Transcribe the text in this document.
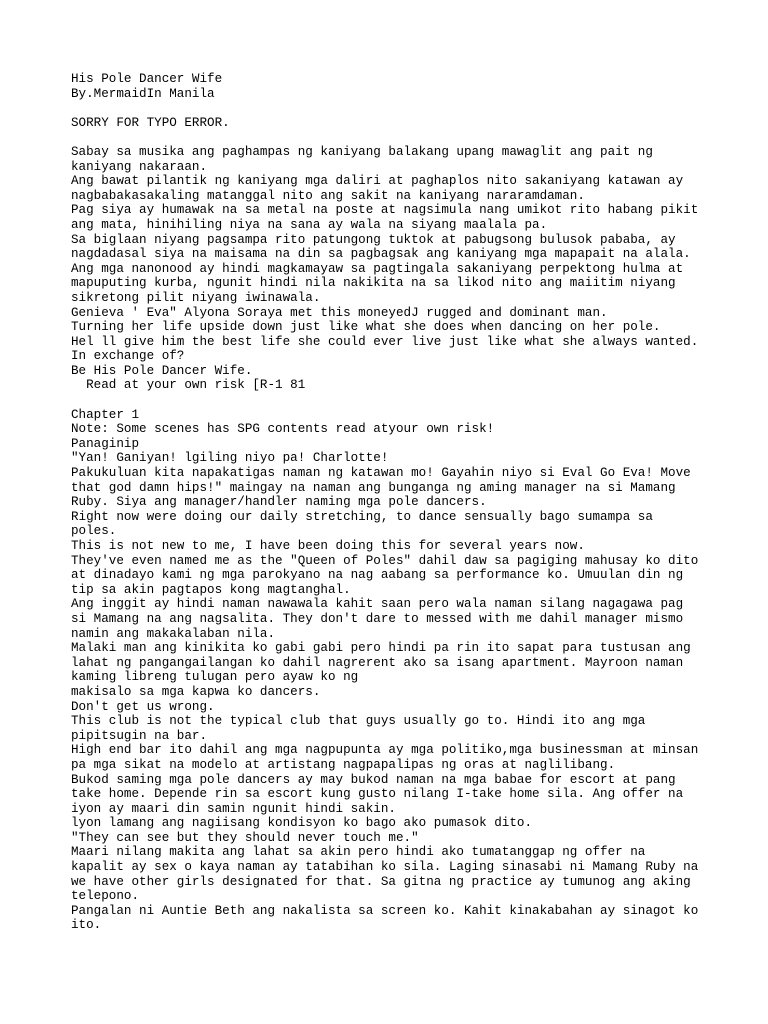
His Pole Dancer Wife
By.MermaidIn Manila
SORRY FOR TYPO ERROR.
Sabay sa musika ang paghampas ng kaniyang balakang upang mawaglit ang pait ng
kaniyang nakaraan.
Ang bawat pilantik ng kaniyang mga daliri at paghaplos nito sakaniyang katawan ay
nagbabakasakaling matanggal nito ang sakit na kaniyang nararamdaman.
Pag siya ay humawak na sa metal na poste at nagsimula nang umikot rito habang pikit
ang mata, hinihiling niya na sana ay wala na siyang maalala pa.
Sa biglaan niyang pagsampa rito patungong tuktok at pabugsong bulusok pababa, ay
nagdadasal siya na maisama na din sa pagbagsak ang kaniyang mga mapapait na alala.
Ang mga nanonood ay hindi magkamayaw sa pagtingala sakaniyang perpektong hulma at
mapuputing kurba, ngunit hindi nila nakikita na sa likod nito ang maiitim niyang
sikretong pilit niyang iwinawala.
Genieva ' Eva" Alyona Soraya met this moneyedJ rugged and dominant man.
Turning her life upside down just like what she does when dancing on her pole.
Hel ll give him the best life she could ever live just like what she always wanted.
In exchange of?
Be His Pole Dancer Wife.
Read at your own risk [R-1 81
Chapter 1
Note: Some scenes has SPG contents read atyour own risk!
Panaginip
"Yan! Ganiyan! lgiling niyo pa! Charlotte!
Pakukuluan kita napakatigas naman ng katawan mo! Gayahin niyo si Eval Go Eva! Move
that god damn hips!" maingay na naman ang bunganga ng aming manager na si Mamang
Ruby. Siya ang manager/handler naming mga pole dancers.
Right now were doing our daily stretching, to dance sensually bago sumampa sa
poles.
This is not new to me, I have been doing this for several years now.
They've even named me as the "Queen of Poles" dahil daw sa pagiging mahusay ko dito
at dinadayo kami ng mga parokyano na nag aabang sa performance ko. Umuulan din ng
tip sa akin pagtapos kong magtanghal.
Ang inggit ay hindi naman nawawala kahit saan pero wala naman silang nagagawa pag
si Mamang na ang nagsalita. They don't dare to messed with me dahil manager mismo
namin ang makakalaban nila.
Malaki man ang kinikita ko gabi gabi pero hindi pa rin ito sapat para tustusan ang
lahat ng pangangailangan ko dahil nagrerent ako sa isang apartment. Mayroon naman
kaming libreng tulugan pero ayaw ko ng
makisalo sa mga kapwa ko dancers.
Don't get us wrong.
This club is not the typical club that guys usually go to. Hindi ito ang mga
pipitsugin na bar.
High end bar ito dahil ang mga nagpupunta ay mga politiko,mga businessman at minsan
pa mga sikat na modelo at artistang nagpapalipas ng oras at naglilibang.
Bukod saming mga pole dancers ay may bukod naman na mga babae for escort at pang
take home. Depende rin sa escort kung gusto nilang I-take home sila. Ang offer na
iyon ay maari din samin ngunit hindi sakin.
lyon lamang ang nagiisang kondisyon ko bago ako pumasok dito.
"They can see but they should never touch me."
Maari nilang makita ang lahat sa akin pero hindi ako tumatanggap ng offer na
kapalit ay sex o kaya naman ay tatabihan ko sila. Laging sinasabi ni Mamang Ruby na
we have other girls designated for that. Sa gitna ng practice ay tumunog ang aking
telepono.
Pangalan ni Auntie Beth ang nakalista sa screen ko. Kahit kinakabahan ay sinagot ko
ito.
